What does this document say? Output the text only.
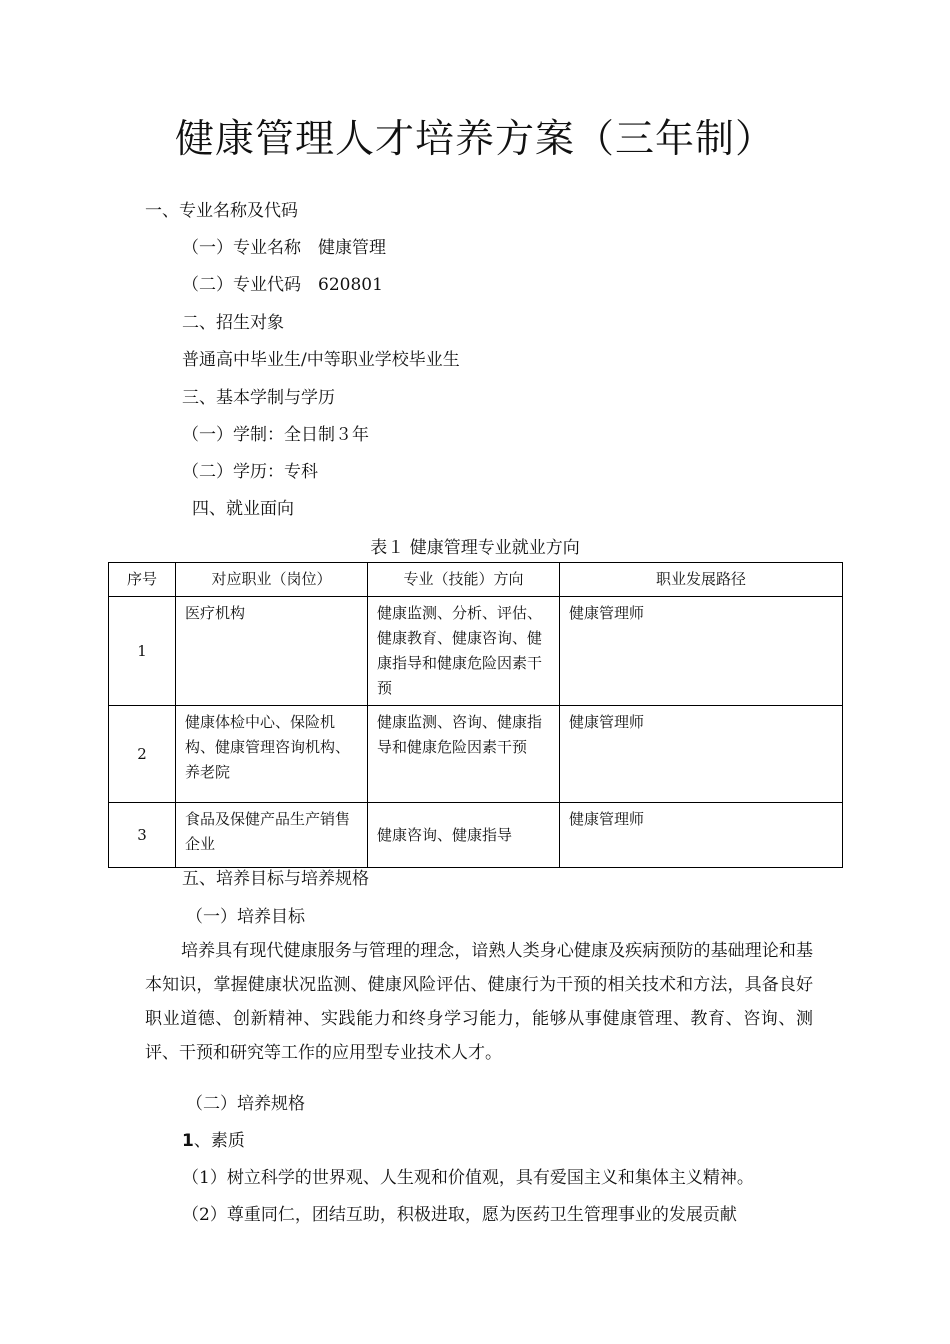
健康管理人才培养方案（三年制）

一、专业名称及代码

（一）专业名称　健康管理

（二）专业代码　620801

二、招生对象

普通高中毕业生/中等职业学校毕业生

三、基本学制与学历

（一）学制：全日制３年

（二）学历：专科

四、就业面向

表１ 健康管理专业就业方向

序号	对应职业（岗位）	专业（技能）方向	职业发展路径
1	医疗机构	健康监测、分析、评估、健康教育、健康咨询、健康指导和健康危险因素干预	健康管理师
2	健康体检中心、保险机构、健康管理咨询机构、养老院	健康监测、咨询、健康指导和健康危险因素干预	健康管理师
3	食品及保健产品生产销售企业	健康咨询、健康指导	健康管理师

五、培养目标与培养规格

（一）培养目标

培养具有现代健康服务与管理的理念，谙熟人类身心健康及疾病预防的基础理论和基本知识，掌握健康状况监测、健康风险评估、健康行为干预的相关技术和方法，具备良好职业道德、创新精神、实践能力和终身学习能力，能够从事健康管理、教育、咨询、测评、干预和研究等工作的应用型专业技术人才。

（二）培养规格

1、素质

（1）树立科学的世界观、人生观和价值观，具有爱国主义和集体主义精神。

（2）尊重同仁，团结互助，积极进取，愿为医药卫生管理事业的发展贡献
